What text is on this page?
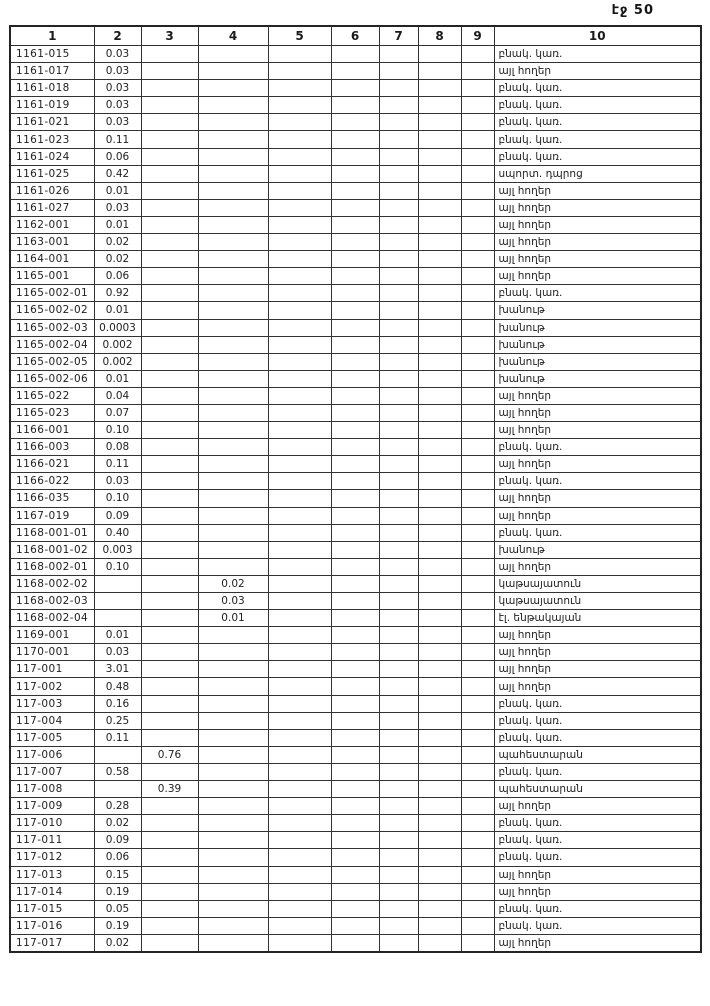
էջ 50
1	2	3	4	5	6	7	8	9	10
1161-015	0.03								բնակ. կառ.
1161-017	0.03								այլ հողեր
1161-018	0.03								բնակ. կառ.
1161-019	0.03								բնակ. կառ.
1161-021	0.03								բնակ. կառ.
1161-023	0.11								բնակ. կառ.
1161-024	0.06								բնակ. կառ.
1161-025	0.42								սպորտ. դպրոց
1161-026	0.01								այլ հողեր
1161-027	0.03								այլ հողեր
1162-001	0.01								այլ հողեր
1163-001	0.02								այլ հողեր
1164-001	0.02								այլ հողեր
1165-001	0.06								այլ հողեր
1165-002-01	0.92								բնակ. կառ.
1165-002-02	0.01								խանութ
1165-002-03	0.0003								խանութ
1165-002-04	0.002								խանութ
1165-002-05	0.002								խանութ
1165-002-06	0.01								խանութ
1165-022	0.04								այլ հողեր
1165-023	0.07								այլ հողեր
1166-001	0.10								այլ հողեր
1166-003	0.08								բնակ. կառ.
1166-021	0.11								այլ հողեր
1166-022	0.03								բնակ. կառ.
1166-035	0.10								այլ հողեր
1167-019	0.09								այլ հողեր
1168-001-01	0.40								բնակ. կառ.
1168-001-02	0.003								խանութ
1168-002-01	0.10								այլ հողեր
1168-002-02			0.02						կաթսայատուն
1168-002-03			0.03						կաթսայատուն
1168-002-04			0.01						էլ. ենթակայան
1169-001	0.01								այլ հողեր
1170-001	0.03								այլ հողեր
117-001	3.01								այլ հողեր
117-002	0.48								այլ հողեր
117-003	0.16								բնակ. կառ.
117-004	0.25								բնակ. կառ.
117-005	0.11								բնակ. կառ.
117-006		0.76							պահեստարան
117-007	0.58								բնակ. կառ.
117-008		0.39							պահեստարան
117-009	0.28								այլ հողեր
117-010	0.02								բնակ. կառ.
117-011	0.09								բնակ. կառ.
117-012	0.06								բնակ. կառ.
117-013	0.15								այլ հողեր
117-014	0.19								այլ հողեր
117-015	0.05								բնակ. կառ.
117-016	0.19								բնակ. կառ.
117-017	0.02								այլ հողեր
